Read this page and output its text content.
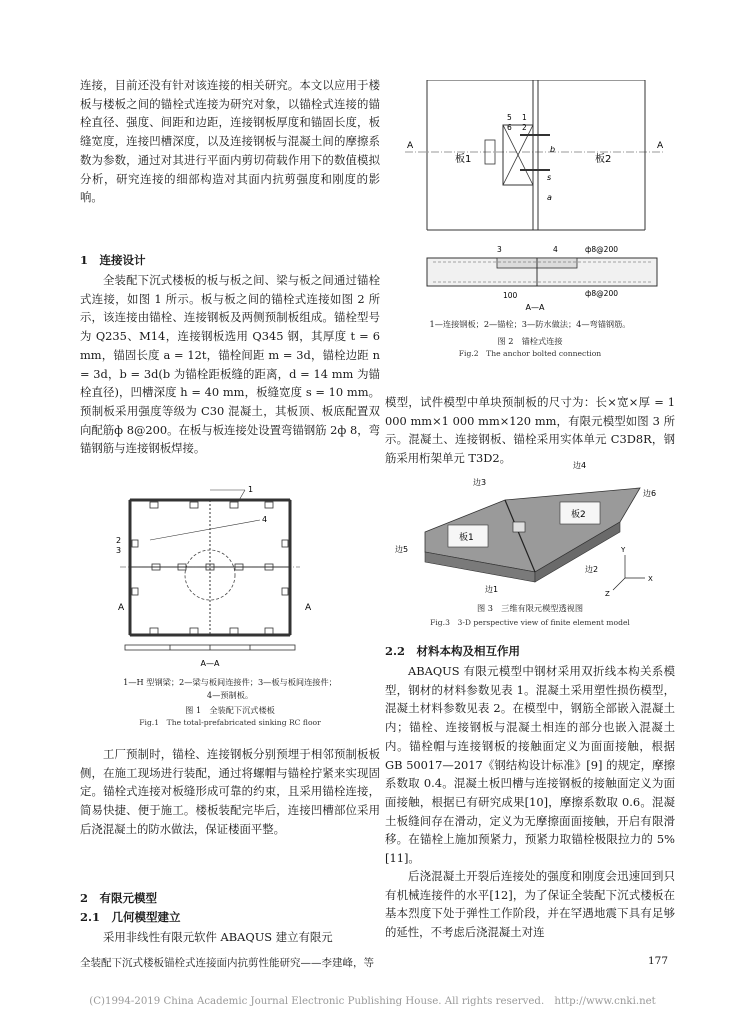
连接，目前还没有针对该连接的相关研究。本文以应用于楼板与楼板之间的锚栓式连接为研究对象，以锚栓式连接的锚栓直径、强度、间距和边距，连接钢板厚度和锚固长度，板缝宽度，连接凹槽深度，以及连接钢板与混凝土间的摩擦系数为参数，通过对其进行平面内剪切荷载作用下的数值模拟分析，研究连接的细部构造对其面内抗剪强度和刚度的影响。

1　连接设计

全装配下沉式楼板的板与板之间、梁与板之间通过锚栓式连接，如图 1 所示。板与板之间的锚栓式连接如图 2 所示，该连接由锚栓、连接钢板及两侧预制板组成。锚栓型号为 Q235、M14，连接钢板选用 Q345 钢，其厚度 t = 6 mm，锚固长度 a = 12t，锚栓间距 m = 3d，锚栓边距 n = 3d，b = 3d(b 为锚栓距板缝的距离，d = 14 mm 为锚栓直径)，凹槽深度 h = 40 mm，板缝宽度 s = 10 mm。预制板采用强度等级为 C30 混凝土，其板顶、板底配置双向配筋ф 8@200。在板与板连接处设置弯锚钢筋 2ф 8，弯锚钢筋与连接钢板焊接。

1
4
2
3
A	A
A—A
1—H 型钢梁；2—梁与板间连接件；3—板与板间连接件；
4—预制板。
图 1　全装配下沉式楼板
Fig.1　The total-prefabricated sinking RC floor

工厂预制时，锚栓、连接钢板分别预埋于相邻预制板板侧，在施工现场进行装配，通过将螺帽与锚栓拧紧来实现固定。锚栓式连接对板缝形成可靠的约束，且采用锚栓连接，简易快捷、便于施工。楼板装配完毕后，连接凹槽部位采用后浇混凝土的防水做法，保证楼面平整。

2　有限元模型
2.1　几何模型建立

采用非线性有限元软件 ABAQUS 建立有限元

板1	板2
A	A
5 1
6 2
b
s
a
3	4	ф8@200
ф8@200
100
A—A
1—连接钢板；2—锚栓；3—防水做法；4—弯锚钢筋。
图 2　锚栓式连接
Fig.2　The anchor bolted connection

模型，试件模型中单块预制板的尺寸为：长×宽×厚 = 1 000 mm×1 000 mm×120 mm，有限元模型如图 3 所示。混凝土、连接钢板、锚栓采用实体单元 C3D8R，钢筋采用桁架单元 T3D2。

板1
板2
边3
边4
边6
边5
边2
边1
Y
X
Z
图 3　三维有限元模型透视图
Fig.3　3-D perspective view of finite element model
2.2　材料本构及相互作用

ABAQUS 有限元模型中钢材采用双折线本构关系模型，钢材的材料参数见表 1。混凝土采用塑性损伤模型，混凝土材料参数见表 2。在模型中，钢筋全部嵌入混凝土内；锚栓、连接钢板与混凝土相连的部分也嵌入混凝土内。锚栓帽与连接钢板的接触面定义为面面接触，根据 GB 50017—2017《钢结构设计标准》[9] 的规定，摩擦系数取 0.4。混凝土板凹槽与连接钢板的接触面定义为面面接触，根据已有研究成果[10]，摩擦系数取 0.6。混凝土板缝间存在滑动，定义为无摩擦面面接触，开启有限滑移。在锚栓上施加预紧力，预紧力取锚栓极限拉力的 5%[11]。

后浇混凝土开裂后连接处的强度和刚度会迅速回到只有机械连接件的水平[12]，为了保证全装配下沉式楼板在基本烈度下处于弹性工作阶段，并在罕遇地震下具有足够的延性，不考虑后浇混凝土对连

全装配下沉式楼板锚栓式连接面内抗剪性能研究——李建峰，等	177
(C)1994-2019 China Academic Journal Electronic Publishing House. All rights reserved.　http://www.cnki.net
